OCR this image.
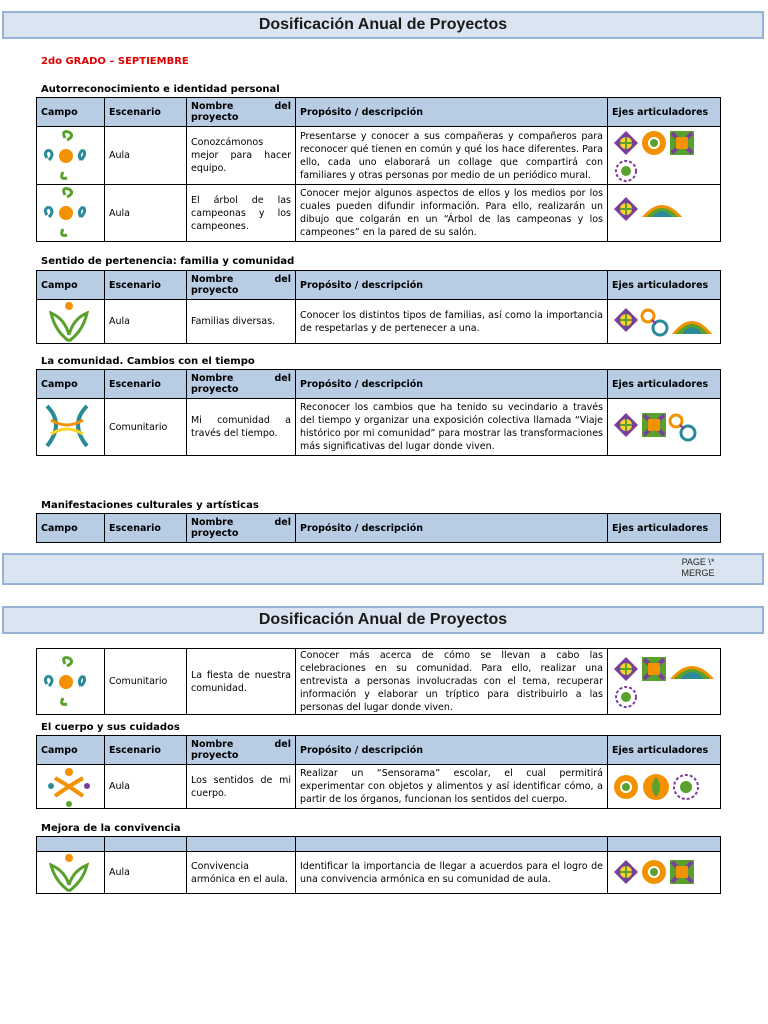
Dosificación Anual de Proyectos
2do GRADO – SEPTIEMBRE
Autorreconocimiento e identidad personal
Campo	Escenario	Nombre del proyecto	Propósito / descripción	Ejes articuladores

	Aula	Conozcámonos mejor para hacer equipo.	Presentarse y conocer a sus compañeras y compañeros para reconocer qué tienen en común y qué los hace diferentes. Para ello, cada uno elaborará un collage que compartirá con familiares y otras personas por medio de un periódico mural.	

	Aula	El árbol de las campeonas y los campeones.	Conocer mejor algunos aspectos de ellos y los medios por los cuales pueden difundir información. Para ello, realizarán un dibujo que colgarán en un “Árbol de las campeonas y los campeones” en la pared de su salón.	
Sentido de pertenencia: familia y comunidad
Campo	Escenario	Nombre del proyecto	Propósito / descripción	Ejes articuladores

	Aula	Familias diversas.	Conocer los distintos tipos de familias, así como la importancia de respetarlas y de pertenecer a una.	
La comunidad. Cambios con el tiempo
Campo	Escenario	Nombre del proyecto	Propósito / descripción	Ejes articuladores

	Comunitario	Mi comunidad a través del tiempo.	Reconocer los cambios que ha tenido su vecindario a través del tiempo y organizar una exposición colectiva llamada “Viaje histórico por mi comunidad” para mostrar las transformaciones más significativas del lugar donde viven.	
Manifestaciones culturales y artísticas
Campo	Escenario	Nombre del proyecto	Propósito / descripción	Ejes articuladores
PAGE \* MERGE
Dosificación Anual de Proyectos
	Comunitario	La fiesta de nuestra comunidad.	Conocer más acerca de cómo se llevan a cabo las celebraciones en su comunidad. Para ello, realizar una entrevista a personas involucradas con el tema, recuperar información y elaborar un tríptico para distribuirlo a las personas del lugar donde viven.	
El cuerpo y sus cuidados
Campo	Escenario	Nombre del proyecto	Propósito / descripción	Ejes articuladores

	Aula	Los sentidos de mi cuerpo.	Realizar un “Sensorama” escolar, el cual permitirá experimentar con objetos y alimentos y así identificar cómo, a partir de los órganos, funcionan los sentidos del cuerpo.	
Mejora de la convivencia

	Aula	Convivencia armónica en el aula.	Identificar la importancia de llegar a acuerdos para el logro de una convivencia armónica en su comunidad de aula.	
